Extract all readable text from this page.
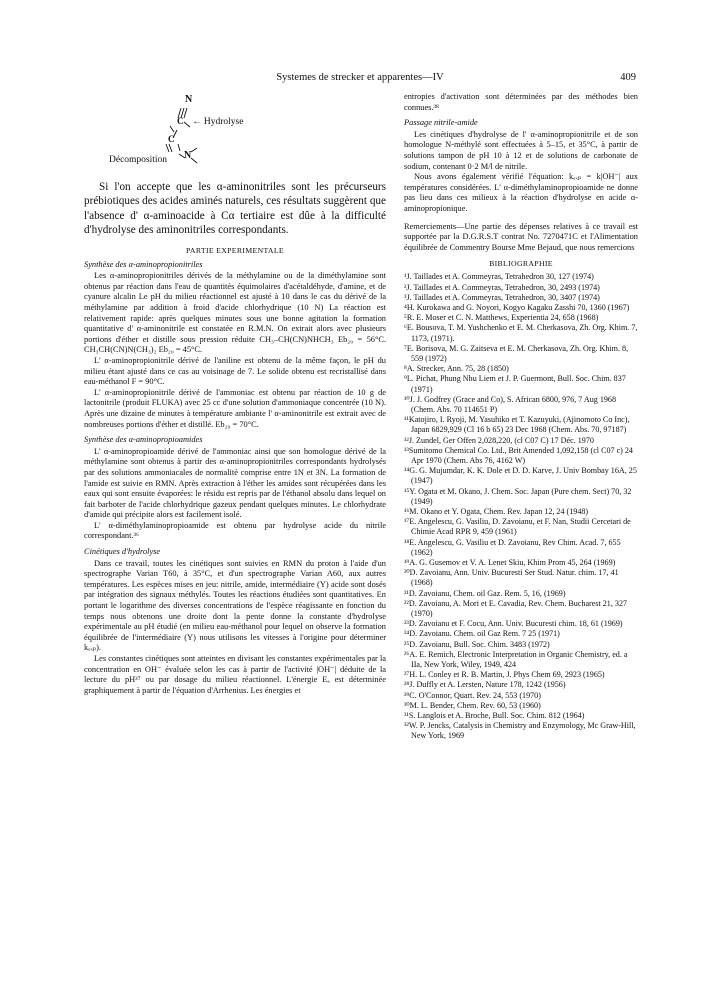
Systemes de strecker et apparentes—IV	409
N
C ← Hydrolyse
C
N
Décomposition

Si l'on accepte que les α-aminonitriles sont les précurseurs prébiotiques des acides aminés naturels, ces résultats suggèrent que l'absence d' α-aminoacide à Cα tertiaire est dûe à la difficulté d'hydrolyse des aminonitriles correspondants.

PARTIE EXPERIMENTALE
Synthèse des α-aminopropionitriles

Les α-aminopropionitriles dérivés de la méthylamine ou de la diméthylamine sont obtenus par réaction dans l'eau de quantités équimolaires d'acétaldéhyde, d'amine, et de cyanure alcalin Le pH du milieu réactionnel est ajusté à 10 dans le cas du dérivé de la méthylamine par addition à froid d'acide chlorhydrique (10 N) La réaction est relativement rapide: après quelques minutes sous une bonne agitation la formation quantitative d' α-aminonitrile est constatée en R.M.N. On extrait alors avec plusieurs portions d'éther et distille sous pression réduite CH₃–CH(CN)NHCH₃ Eb₂₀ = 56°C. CH₃CH(CN)N(CH₃)₂ Eb₂₀ = 45°C.

L' α-aminopropionitrile dérivé de l'aniline est obtenu de la même façon, le pH du milieu étant ajusté dans ce cas au voisinage de 7. Le solide obtenu est recristallisé dans eau-méthanol F = 90°C.

L' α-aminopropionitrile dérivé de l'ammoniac est obtenu par réaction de 10 g de lactonitrile (produit FLUKA) avec 25 cc d'une solution d'ammoniaque concentrée (10 N). Après une dizaine de minutes à température ambiante l' α-aminonitrile est extrait avec de nombreuses portions d'éther et distillé. Eb₂₀ = 70°C.

Synthèse des α-aminopropioamides

L' α-aminopropioamide dérivé de l'ammoniac ainsi que son homologue dérivé de la méthylamine sont obtenus à partir des α-aminopropionitriles correspondants hydrolysés par des solutions ammoniacales de normalité comprise entre 1N et 3N. La formation de l'amide est suivie en RMN. Après extraction à l'éther les amides sont récupérées dans les eaux qui sont ensuite évaporées: le résidu est repris par de l'éthanol absolu dans lequel on fait barboter de l'acide chlorhydrique gazeux pendant quelques minutes. Le chlorhydrate d'amide qui précipite alors est facilement isolé.

L' α-diméthylaminopropioamide est obtenu par hydrolyse acide du nitrile correspondant.³⁶

Cinétiques d'hydrolyse

Dans ce travail, toutes les cinétiques sont suivies en RMN du proton à l'aide d'un spectrographe Varian T60, à 35°C, et d'un spectrographe Varian A60, aux autres températures. Les espèces mises en jeu: nitrile, amide, intermédiaire (Y) acide sont dosés par intégration des signaux méthylés. Toutes les réactions étudiées sont quantitatives. En portant le logarithme des diverses concentrations de l'espèce réagissante en fonction du temps nous obtenons une droite dont la pente donne la constante d'hydrolyse expérimentale au pH étudié (en milieu eau-méthanol pour lequel on observe la formation équilibrée de l'intermédiaire (Y) nous utilisons les vitesses à l'origine pour déterminer kₑₓₚ).

Les constantes cinétiques sont atteintes en divisant les constantes expérimentales par la concentration en OH⁻ évaluée selon les cas à partir de l'activité |OH⁻| déduite de la lecture du pH³⁷ ou par dosage du milieu réactionnel. L'énergie Eₐ est déterminée graphiquement à partir de l'équation d'Arrhenius. Les énergies et

entropies d'activation sont déterminées par des méthodes bien connues.³⁸

Passage nitrile-amide

Les cinétiques d'hydrolyse de l' α-aminopropionitrile et de son homologue N-méthylé sont effectuées à 5–15, et 35°C, à partir de solutions tampon de pH 10 à 12 et de solutions de carbonate de sodium, contenant 0·2 M/l de nitrile.

Nous avons également vérifié l'équation: kₑₓₚ = k|OH⁻| aux températures considérées. L' α-diméthylaminopropioamide ne donne pas lieu dans ces milieux à la réaction d'hydrolyse en acide α-aminopropionique.

Remerciements—Une partie des dépenses relatives à ce travail est supportée par la D.G.R.S.T contrat No. 7270471C et l'Alimentation équilibrée de Commentry Bourse Mme Bejaud, que nous remercions

BIBLIOGRAPHIE
¹J. Taillades et A. Commeyras, Tetrahedron 30, 127 (1974)
²J. Taillades et A. Commeyras, Tetrahedron, 30, 2493 (1974)
³J. Taillades et A. Commeyras, Tetrahedron, 30, 3407 (1974)
⁴H. Kurokawa and G. Noyori, Kogyo Kagaku Zasshi 70, 1360 (1967)
⁵R. E. Moser et C. N. Matthews, Experientia 24, 658 (1968)
⁶E. Bousova, T. M. Yushchenko et E. M. Cherkasova, Zh. Org. Khim. 7, 1173, (1971).
⁷E. Borisova, M. G. Zaitseva et E. M. Cherkasova, Zh. Org. Khim. 8, 559 (1972)
⁸A. Strecker, Ann. 75, 28 (1850)
⁹L. Pichat, Phung Nhu Liem et J. P. Guermont, Bull. Soc. Chim. 837 (1971)
¹⁰J. J. Godfrey (Grace and Co), S. African 6800, 976, 7 Aug 1968 (Chem. Abs. 70 114651 P)
¹¹Katojiro, I. Ryoji, M. Yasuhiko et T. Kazuyuki, (Ajinomoto Co Inc), Japan 6829,929 (Cl 16 b 65) 23 Dec 1968 (Chem. Abs. 70, 97187)
¹²J. Zundel, Ger Offen 2,028,220, (cl C07 C) 17 Déc. 1970
¹³Sumitomo Chemical Co. Ltd., Brit Amended 1,092,158 (cl C07 c) 24 Apr 1970 (Chem. Abs 76, 4162 W)
¹⁴G. G. Mujumdar, K. K. Dole et D. D. Karve, J. Univ Bombay 16A, 25 (1947)
¹⁵Y. Ogata et M. Okano, J. Chem. Soc. Japan (Pure chem. Sect) 70, 32 (1949)
¹⁶M. Okano et Y. Ogata, Chem. Rev. Japan 12, 24 (1948)
¹⁷E. Angelescu, G. Vasiliu, D. Zavoianu, et F. Nan, Studii Cercetari de Chimie Acad RPR 9, 459 (1961)
¹⁸E. Angelescu, G. Vasiliu et D. Zavoianu, Rev Chim. Acad. 7, 655 (1962)
¹⁹A. G. Gusemov et V. A. Lenet Skiu, Khim Prom 45, 264 (1969)
²⁰D. Zavoianu, Ann. Univ. Bucuresti Ser Stud. Natur. chim. 17, 41 (1968)
²¹D. Zavoianu, Chem. oil Gaz. Rem. 5, 16, (1969)
²²D. Zavoianu, A. Mori et E. Cavadia, Rev. Chem. Bucharest 21, 327 (1970)
²³D. Zavoianu et F. Cocu, Ann. Univ. Bucuresti chim. 18, 61 (1969)
²⁴D. Zavoianu. Chem. oil Gaz Rem. 7 25 (1971)
²⁵D. Zavoianu, Bull. Soc. Chim. 3483 (1972)
²⁶A. E. Remich, Electronic Interpretation in Organic Chemistry, ed. a IIa, New York, Wiley, 1949, 424
²⁷H. L. Conley et R. B. Martin, J. Phys Chem 69, 2923 (1965)
²⁸J. Duffly et A. Lersten, Nature 178, 1242 (1956)
²⁹C. O'Connor, Quart. Rev. 24, 553 (1970)
³⁰M. L. Bender, Chem. Rev. 60, 53 (1960)
³¹S. Langlois et A. Broche, Bull. Soc. Chim. 812 (1964)
³²W. P. Jencks, Catalysis in Chemistry and Enzymology, Mc Graw-Hill, New York, 1969
